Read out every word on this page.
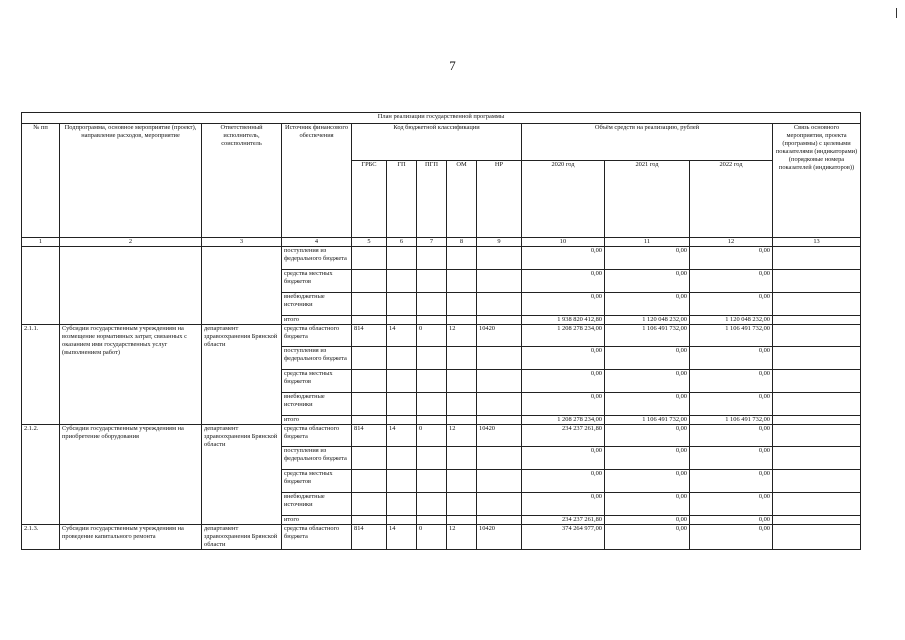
7
План реализации государственной программы												
№ пп	Подпрограмма, основное мероприятие (проект), направление расходов, мероприятие	Ответственный исполнитель, соисполнитель	Источник финансового обеспечения	Код бюджетной классификации					Объём средств на реализацию, рублей			Связь основного мероприятия, проекта (программы) с целевыми показателями (индикаторами) (порядковые номера показателей (индикаторов))
				ГРБС	ГП	ПГП	ОМ	НР	2020 год	2021 год	2022 год	
1	2	3	4	5	6	7	8	9	10	11	12	13
			поступления из федерального бюджета						0,00	0,00	0,00	
			средства местных бюджетов						0,00	0,00	0,00	
			внебюджетные источники						0,00	0,00	0,00	
			итого						1 938 820 412,80	1 120 048 232,00	1 120 048 232,00	
2.1.1.	Субсидии государственным учреждениям на возмещение нормативных затрат, связанных с оказанием ими государственных услуг (выполнением работ)	департамент здравоохранения Брянской области	средства областного бюджета	814	14	0	12	10420	1 208 278 234,00	1 106 491 732,00	1 106 491 732,00	
			поступления из федерального бюджета						0,00	0,00	0,00	
			средства местных бюджетов						0,00	0,00	0,00	
			внебюджетные источники						0,00	0,00	0,00	
			итого						1 208 278 234,00	1 106 491 732,00	1 106 491 732,00	
2.1.2.	Субсидии государственным учреждениям на приобретение оборудования	департамент здравоохранения Брянской области	средства областного бюджета	814	14	0	12	10420	234 237 261,80	0,00	0,00	
			поступления из федерального бюджета						0,00	0,00	0,00	
			средства местных бюджетов						0,00	0,00	0,00	
			внебюджетные источники						0,00	0,00	0,00	
			итого						234 237 261,80	0,00	0,00	
2.1.3.	Субсидии государственным учреждениям на проведение капитального ремонта	департамент здравоохранения Брянской области	средства областного бюджета	814	14	0	12	10420	374 264 977,00	0,00	0,00	
